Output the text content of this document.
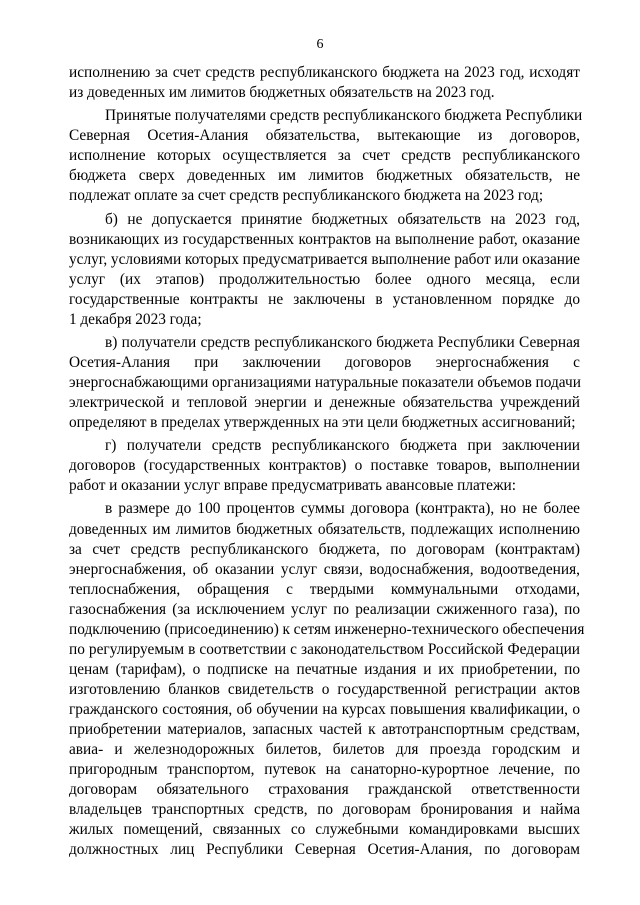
6

исполнению за счет средств республиканского бюджета на 2023 год, исходят
из доведенных им лимитов бюджетных обязательств на 2023 год.

Принятые получателями средств республиканского бюджета Республики
Северная Осетия-Алания обязательства, вытекающие из договоров,
исполнение которых осуществляется за счет средств республиканского
бюджета сверх доведенных им лимитов бюджетных обязательств, не
подлежат оплате за счет средств республиканского бюджета на 2023 год;

б) не допускается принятие бюджетных обязательств на 2023 год,
возникающих из государственных контрактов на выполнение работ, оказание
услуг, условиями которых предусматривается выполнение работ или оказание
услуг (их этапов) продолжительностью более одного месяца, если
государственные контракты не заключены в установленном порядке до
1 декабря 2023 года;

в) получатели средств республиканского бюджета Республики Северная
Осетия-Алания при заключении договоров энергоснабжения с
энергоснабжающими организациями натуральные показатели объемов подачи
электрической и тепловой энергии и денежные обязательства учреждений
определяют в пределах утвержденных на эти цели бюджетных ассигнований;

г) получатели средств республиканского бюджета при заключении
договоров (государственных контрактов) о поставке товаров, выполнении
работ и оказании услуг вправе предусматривать авансовые платежи:

в размере до 100 процентов суммы договора (контракта), но не более
доведенных им лимитов бюджетных обязательств, подлежащих исполнению
за счет средств республиканского бюджета, по договорам (контрактам)
энергоснабжения, об оказании услуг связи, водоснабжения, водоотведения,
теплоснабжения, обращения с твердыми коммунальными отходами,
газоснабжения (за исключением услуг по реализации сжиженного газа), по
подключению (присоединению) к сетям инженерно-технического обеспечения
по регулируемым в соответствии с законодательством Российской Федерации
ценам (тарифам), о подписке на печатные издания и их приобретении, по
изготовлению бланков свидетельств о государственной регистрации актов
гражданского состояния, об обучении на курсах повышения квалификации, о
приобретении материалов, запасных частей к автотранспортным средствам,
авиа- и железнодорожных билетов, билетов для проезда городским и
пригородным транспортом, путевок на санаторно-курортное лечение, по
договорам обязательного страхования гражданской ответственности
владельцев транспортных средств, по договорам бронирования и найма
жилых помещений, связанных со служебными командировками высших
должностных лиц Республики Северная Осетия-Алания, по договорам
